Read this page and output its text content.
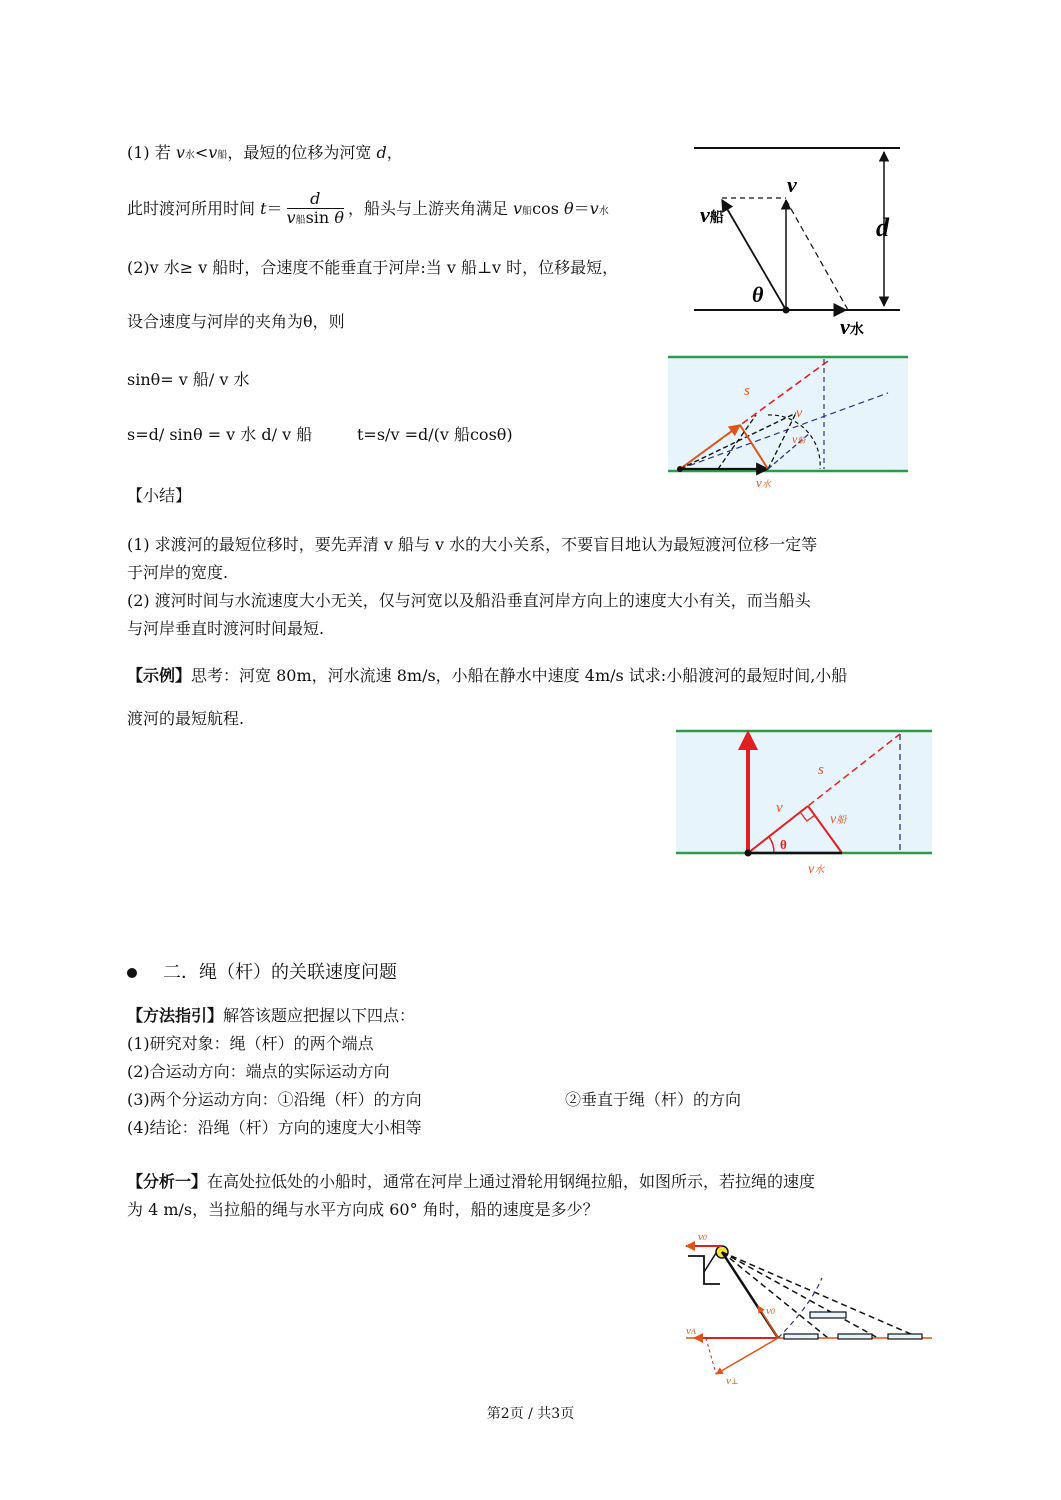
(1) 若 v水<v船，最短的位移为河宽 d，
此时渡河所用时间 $t= \frac{d}{\text{v船sin θ}}$ ，船头与上游夹角满足 v船cos θ＝v水
(2)v 水≥ v 船时，合速度不能垂直于河岸:当 v 船⊥v 时，位移最短，
设合速度与河岸的夹角为θ，则
sinθ= v 船/ v 水
s=d/ sinθ = v 水 d/ v 船	t=s/v =d/(v 船cosθ)
【小结】
(1) 求渡河的最短位移时，要先弄清 v 船与 v 水的大小关系，不要盲目地认为最短渡河位移一定等
于河岸的宽度.
(2) 渡河时间与水流速度大小无关，仅与河宽以及船沿垂直河岸方向上的速度大小有关，而当船头
与河岸垂直时渡河时间最短.
【示例】思考：河宽 80m，河水流速 8m/s，小船在静水中速度 4m/s 试求:小船渡河的最短时间,小船
渡河的最短航程.
二．绳（杆）的关联速度问题
【方法指引】解答该题应把握以下四点：
(1)研究对象：绳（杆）的两个端点
(2)合运动方向：端点的实际运动方向
(3)两个分运动方向：①沿绳（杆）的方向	②垂直于绳（杆）的方向
(4)结论：沿绳（杆）方向的速度大小相等
【分析一】在高处拉低处的小船时，通常在河岸上通过滑轮用钢绳拉船，如图所示，若拉绳的速度
为 4 m/s，当拉船的绳与水平方向成 60° 角时，船的速度是多少？
v
v船	d
θ
v水
s
v
v船
v水
s
v
v船
θ
v水
v0
v0
vA
v⊥
第2页 / 共3页
